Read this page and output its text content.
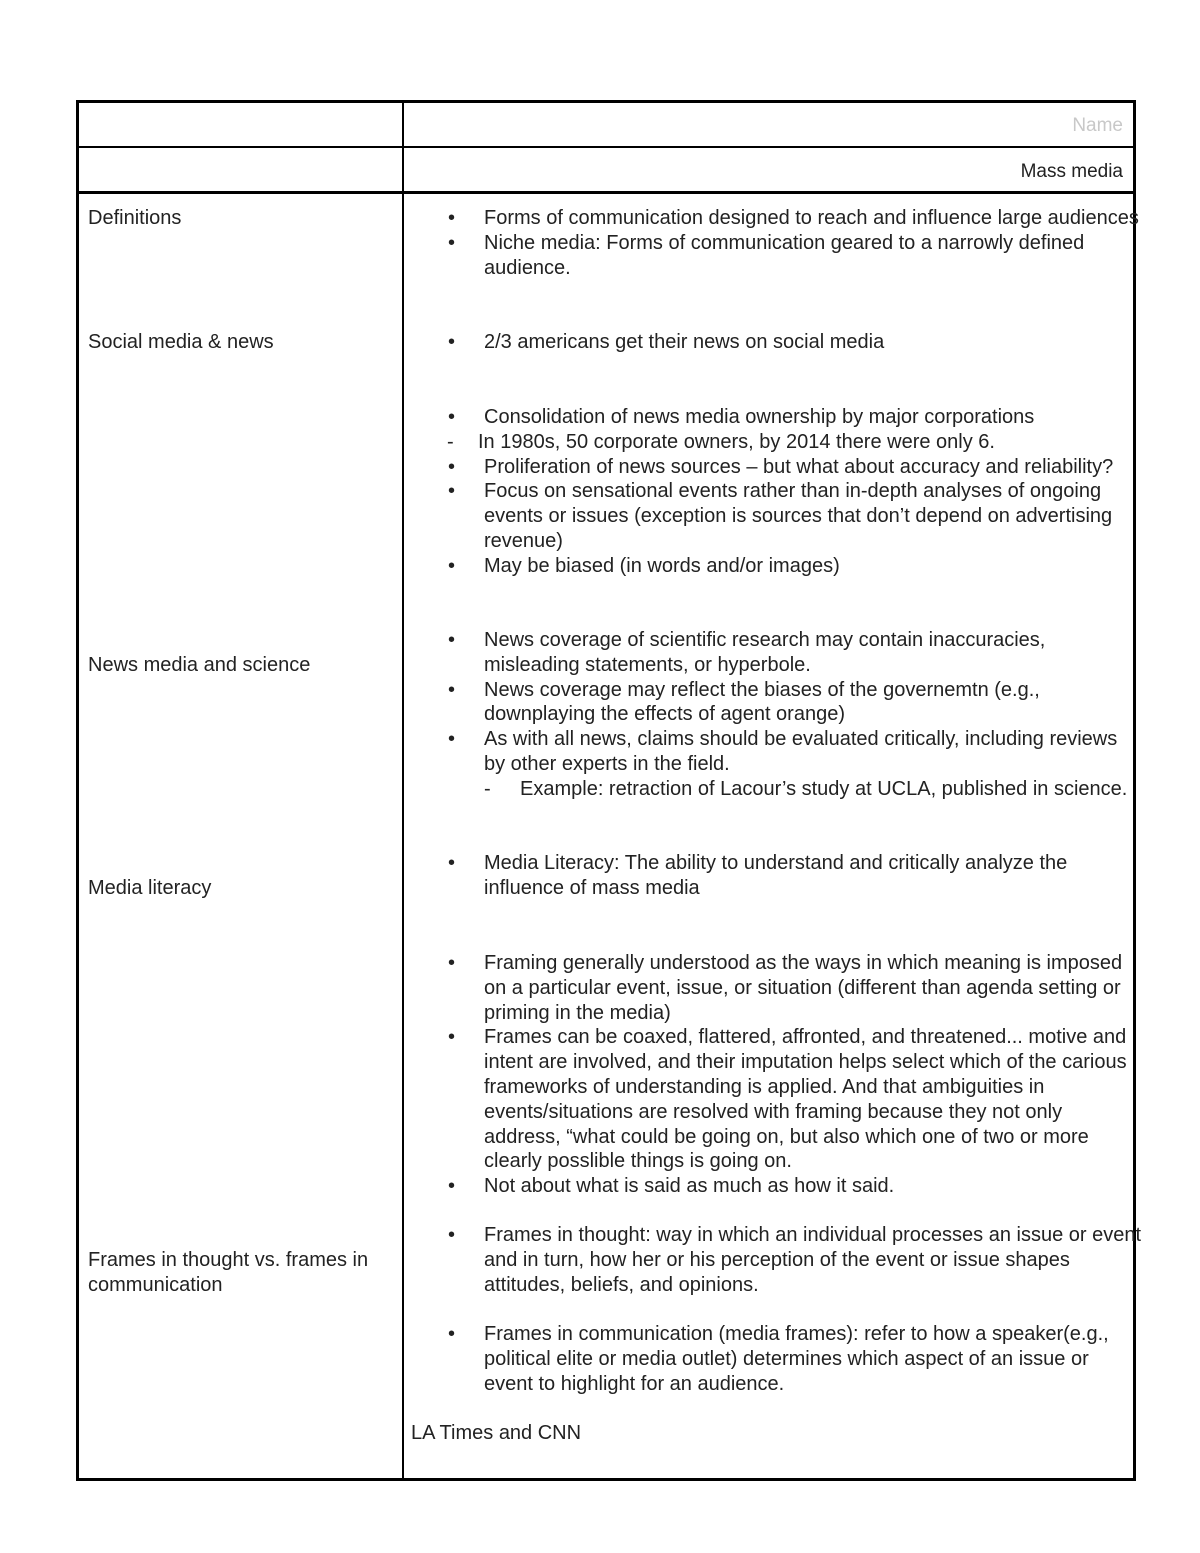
Name
Mass media
Definitions
Social media & news
News media and science
Media literacy
Frames in thought vs. frames in communication
• Forms of communication designed to reach and influence large audiences
• Niche media: Forms of communication geared to a narrowly defined audience.
• 2/3 americans get their news on social media
• Consolidation of news media ownership by major corporations
- In 1980s, 50 corporate owners, by 2014 there were only 6.
• Proliferation of news sources – but what about accuracy and reliability?
• Focus on sensational events rather than in-depth analyses of ongoing events or issues (exception is sources that don’t depend on advertising revenue)
• May be biased (in words and/or images)
• News coverage of scientific research may contain inaccuracies, misleading statements, or hyperbole.
• News coverage may reflect the biases of the governemtn (e.g., downplaying the effects of agent orange)
• As with all news, claims should be evaluated critically, including reviews by other experts in the field.
- Example: retraction of Lacour’s study at UCLA, published in science.
• Media Literacy: The ability to understand and critically analyze the influence of mass media
• Framing generally understood as the ways in which meaning is imposed on a particular event, issue, or situation (different than agenda setting or priming in the media)
• Frames can be coaxed, flattered, affronted, and threatened... motive and intent are involved, and their imputation helps select which of the carious frameworks of understanding is applied. And that ambiguities in events/situations are resolved with framing because they not only address, “what could be going on, but also which one of two or more clearly posslible things is going on.
• Not about what is said as much as how it said.
• Frames in thought: way in which an individual processes an issue or event and in turn, how her or his perception of the event or issue shapes attitudes, beliefs, and opinions.
• Frames in communication (media frames): refer to how a speaker(e.g., political elite or media outlet) determines which aspect of an issue or event to highlight for an audience.
LA Times and CNN
